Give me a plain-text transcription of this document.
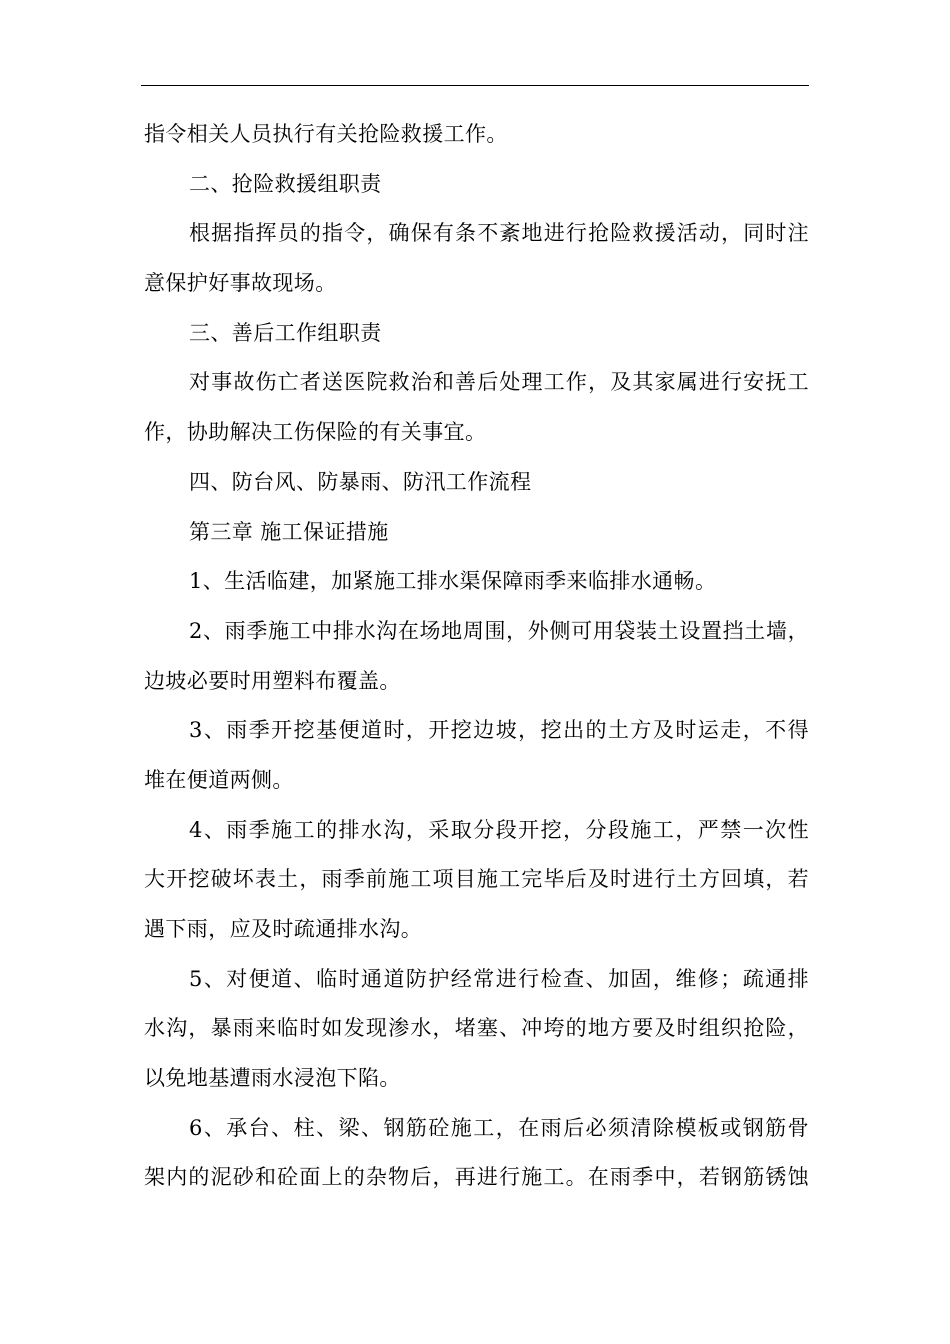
指令相关人员执行有关抢险救援工作。
二、抢险救援组职责
根据指挥员的指令，确保有条不紊地进行抢险救援活动，同时注
意保护好事故现场。
三、善后工作组职责
对事故伤亡者送医院救治和善后处理工作，及其家属进行安抚工
作，协助解决工伤保险的有关事宜。
四、防台风、防暴雨、防汛工作流程
第三章 施工保证措施
1、生活临建，加紧施工排水渠保障雨季来临排水通畅。
2、雨季施工中排水沟在场地周围，外侧可用袋装土设置挡土墙，
边坡必要时用塑料布覆盖。
3、雨季开挖基便道时，开挖边坡，挖出的土方及时运走，不得
堆在便道两侧。
4、雨季施工的排水沟，采取分段开挖，分段施工，严禁一次性
大开挖破坏表土，雨季前施工项目施工完毕后及时进行土方回填，若
遇下雨，应及时疏通排水沟。
5、对便道、临时通道防护经常进行检查、加固，维修；疏通排
水沟，暴雨来临时如发现渗水，堵塞、冲垮的地方要及时组织抢险，
以免地基遭雨水浸泡下陷。
6、承台、柱、梁、钢筋砼施工，在雨后必须清除模板或钢筋骨
架内的泥砂和砼面上的杂物后，再进行施工。在雨季中，若钢筋锈蚀
